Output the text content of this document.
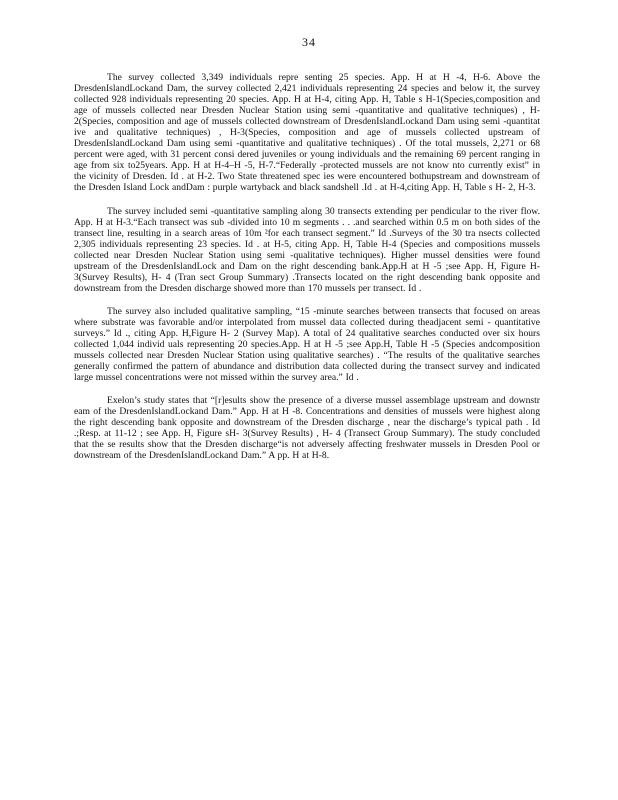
34

The survey collected 3,349 individuals repre senting 25 species. App. H at H -4, H-6. Above the DresdenIslandLockand Dam, the survey collected 2,421 individuals representing 24 species and below it, the survey collected 928 individuals representing 20 species. App. H at H-4, citing App. H, Table s H-1(Species,composition and age of mussels collected near Dresden Nuclear Station using semi -quantitative and qualitative techniques) , H-2(Species, composition and age of mussels collected downstream of DresdenIslandLockand Dam using semi -quantitat ive and qualitative techniques) , H-3(Species, composition and age of mussels collected upstream of DresdenIslandLockand Dam using semi -quantitative and qualitative techniques) . Of the total mussels, 2,271 or 68 percent were aged, with 31 percent consi dered juveniles or young individuals and the remaining 69 percent ranging in age from six to25years. App. H at H-4–H -5, H-7.“Federally -protected mussels are not know nto currently exist” in the vicinity of Dresden. Id . at H-2. Two State threatened spec ies were encountered bothupstream and downstream of the Dresden Island Lock andDam : purple wartyback and black sandshell .Id . at H-4,citing App. H, Table s H- 2, H-3.

The survey included semi -quantitative sampling along 30 transects extending per pendicular to the river flow. App. H at H-3.“Each transect was sub -divided into 10 m segments . . .and searched within 0.5 m on both sides of the transect line, resulting in a search areas of 10m ²for each transect segment.” Id .Surveys of the 30 tra nsects collected 2,305 individuals representing 23 species. Id . at H-5, citing App. H, Table H-4 (Species and compositions mussels collected near Dresden Nuclear Station using semi -qualitative techniques). Higher mussel densities were found upstream of the DresdenIslandLock and Dam on the right descending bank.App.H at H -5 ;see App. H, Figure H-3(Survey Results), H- 4 (Tran sect Group Summary) .Transects located on the right descending bank opposite and downstream from the Dresden discharge showed more than 170 mussels per transect. Id .

The survey also included qualitative sampling, “15 -minute searches between transects that focused on areas where substrate was favorable and/or interpolated from mussel data collected during theadjacent semi - quantitative surveys.” Id ., citing App. H,Figure H- 2 (Survey Map). A total of 24 qualitative searches conducted over six hours collected 1,044 individ uals representing 20 species.App. H at H -5 ;see App.H, Table H -5 (Species andcomposition mussels collected near Dresden Nuclear Station using qualitative searches) . “The results of the qualitative searches generally confirmed the pattern of abundance and distribution data collected during the transect survey and indicated large mussel concentrations were not missed within the survey area.” Id .

Exelon’s study states that “[r]esults show the presence of a diverse mussel assemblage upstream and downstr eam of the DresdenIslandLockand Dam.” App. H at H -8. Concentrations and densities of mussels were highest along the right descending bank opposite and downstream of the Dresden discharge , near the discharge’s typical path . Id .;Resp. at 11-12 ; see App. H, Figure sH- 3(Survey Results) , H- 4 (Transect Group Summary). The study concluded that the se results show that the Dresden discharge“is not adversely affecting freshwater mussels in Dresden Pool or downstream of the DresdenIslandLockand Dam.” A pp. H at H-8.
